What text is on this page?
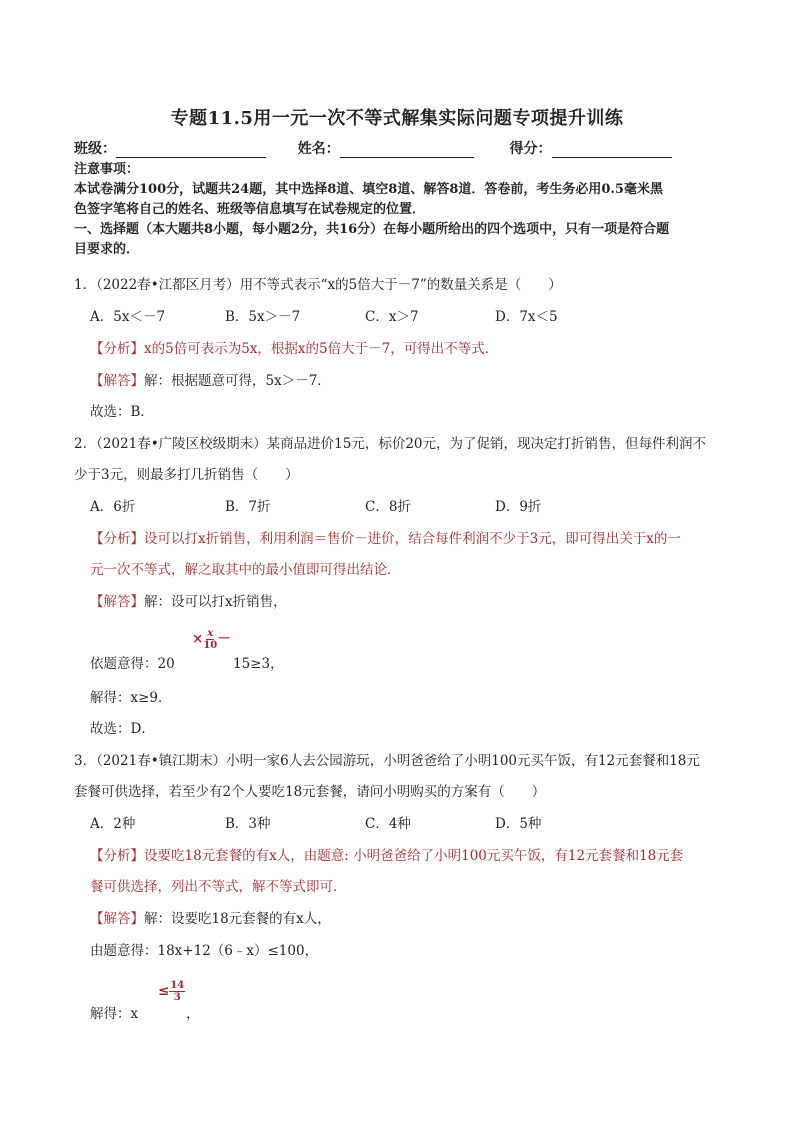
专题11.5用一元一次不等式解集实际问题专项提升训练
班级：	姓名：	得分：
注意事项：
本试卷满分100分，试题共24题，其中选择8道、填空8道、解答8道．答卷前，考生务必用0.5毫米黑
色签字笔将自己的姓名、班级等信息填写在试卷规定的位置．
一、选择题（本大题共8小题，每小题2分，共16分）在每小题所给出的四个选项中，只有一项是符合题
目要求的．
1．（2022春•江都区月考）用不等式表示“x的5倍大于－7”的数量关系是（　　）
A．5x＜－7	B．5x＞－7	C．x＞7	D．7x＜5
【分析】x的5倍可表示为5x，根据x的5倍大于－7，可得出不等式．
【解答】解：根据题意可得，5x＞－7．
故选：B．
2．（2021春•广陵区校级期末）某商品进价15元，标价20元，为了促销，现决定打折销售，但每件利润不
少于3元，则最多打几折销售（　　）
A．6折	B．7折	C．8折	D．9折
【分析】设可以打x折销售，利用利润＝售价－进价，结合每件利润不少于3元，即可得出关于x的一
元一次不等式，解之取其中的最小值即可得出结论．
【解答】解：设可以打x折销售，
依题意得：20
× $\frac{x}{10}$ －
15≥3，
解得：x≥9．
故选：D．
3．（2021春•镇江期末）小明一家6人去公园游玩，小明爸爸给了小明100元买午饭，有12元套餐和18元
套餐可供选择，若至少有2个人要吃18元套餐，请问小明购买的方案有（　　）
A．2种	B．3种	C．4种	D．5种
【分析】设要吃18元套餐的有x人，由题意: 小明爸爸给了小明100元买午饭，有12元套餐和18元套
餐可供选择，列出不等式，解不等式即可．
【解答】解：设要吃18元套餐的有x人，
由题意得：18x+12（6﹣x）≤100，
解得：x
≤ $\frac{14}{3}$
，
